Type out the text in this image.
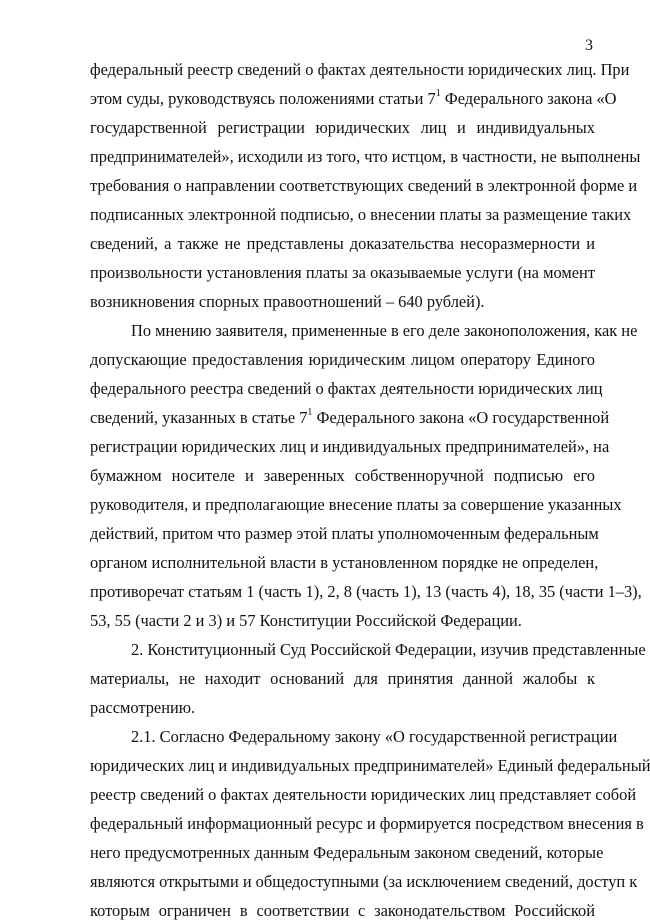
3
федеральный реестр сведений о фактах деятельности юридических лиц. При
этом суды, руководствуясь положениями статьи $7^1$ Федерального закона «О
государственной регистрации юридических лиц и индивидуальных
предпринимателей», исходили из того, что истцом, в частности, не выполнены
требования о направлении соответствующих сведений в электронной форме и
подписанных электронной подписью, о внесении платы за размещение таких
сведений, а также не представлены доказательства несоразмерности и
произвольности установления платы за оказываемые услуги (на момент
возникновения спорных правоотношений – 640 рублей).
По мнению заявителя, примененные в его деле законоположения, как не
допускающие предоставления юридическим лицом оператору Единого
федерального реестра сведений о фактах деятельности юридических лиц
сведений, указанных в статье $7^1$ Федерального закона «О государственной
регистрации юридических лиц и индивидуальных предпринимателей», на
бумажном носителе и заверенных собственноручной подписью его
руководителя, и предполагающие внесение платы за совершение указанных
действий, притом что размер этой платы уполномоченным федеральным
органом исполнительной власти в установленном порядке не определен,
противоречат статьям 1 (часть 1), 2, 8 (часть 1), 13 (часть 4), 18, 35 (части 1–3),
53, 55 (части 2 и 3) и 57 Конституции Российской Федерации.
2. Конституционный Суд Российской Федерации, изучив представленные
материалы, не находит оснований для принятия данной жалобы к
рассмотрению.
2.1. Согласно Федеральному закону «О государственной регистрации
юридических лиц и индивидуальных предпринимателей» Единый федеральный
реестр сведений о фактах деятельности юридических лиц представляет собой
федеральный информационный ресурс и формируется посредством внесения в
него предусмотренных данным Федеральным законом сведений, которые
являются открытыми и общедоступными (за исключением сведений, доступ к
которым ограничен в соответствии с законодательством Российской
